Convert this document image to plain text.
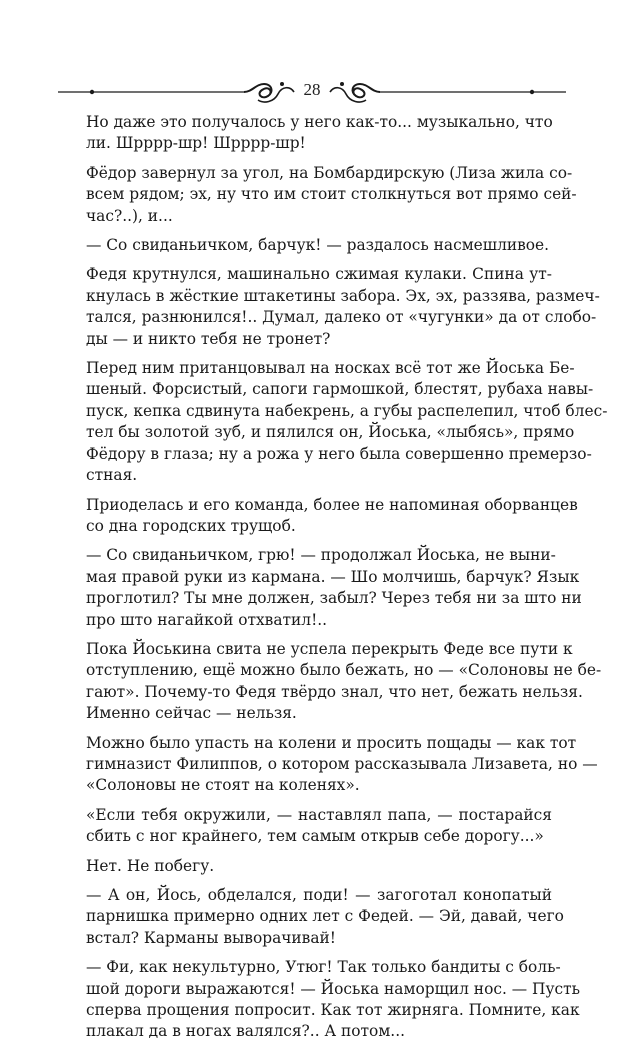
28

Но даже это получалось у него как-то... музыкально, что
ли. Шрррр-шр! Шрррр-шр!

Фёдор завернул за угол, на Бомбардирскую (Лиза жила со-
всем рядом; эх, ну что им стоит столкнуться вот прямо сей-
час?..), и...

— Со свиданьичком, барчук! — раздалось насмешливое.

Федя крутнулся, машинально сжимая кулаки. Спина ут-
кнулась в жёсткие штакетины забора. Эх, эх, раззява, размеч-
тался, разнюнился!.. Думал, далеко от «чугунки» да от слобо-
ды — и никто тебя не тронет?

Перед ним пританцовывал на носках всё тот же Йоська Бе-
шеный. Форсистый, сапоги гармошкой, блестят, рубаха навы-
пуск, кепка сдвинута набекрень, а губы распелепил, чтоб блес-
тел бы золотой зуб, и пялился он, Йоська, «лыбясь», прямо
Фёдору в глаза; ну а рожа у него была совершенно премерзо-
стная.

Приоделась и его команда, более не напоминая оборванцев
со дна городских трущоб.

— Со свиданьичком, грю! — продолжал Йоська, не выни-
мая правой руки из кармана. — Шо молчишь, барчук? Язык
проглотил? Ты мне должен, забыл? Через тебя ни за што ни
про што нагайкой отхватил!..

Пока Йоськина свита не успела перекрыть Феде все пути к
отступлению, ещё можно было бежать, но — «Солоновы не бе-
гают». Почему-то Федя твёрдо знал, что нет, бежать нельзя.
Именно сейчас — нельзя.

Можно было упасть на колени и просить пощады — как тот
гимназист Филиппов, о котором рассказывала Лизавета, но —
«Солоновы не стоят на коленях».

«Если тебя окружили, — наставлял папа, — постарайся
сбить с ног крайнего, тем самым открыв себе дорогу...»

Нет. Не побегу.

— А он, Йось, обделался, поди! — загоготал конопатый
парнишка примерно одних лет с Федей. — Эй, давай, чего
встал? Карманы выворачивай!

— Фи, как некультурно, Утюг! Так только бандиты с боль-
шой дороги выражаются! — Йоська наморщил нос. — Пусть
сперва прощения попросит. Как тот жирняга. Помните, как
плакал да в ногах валялся?.. А потом...
